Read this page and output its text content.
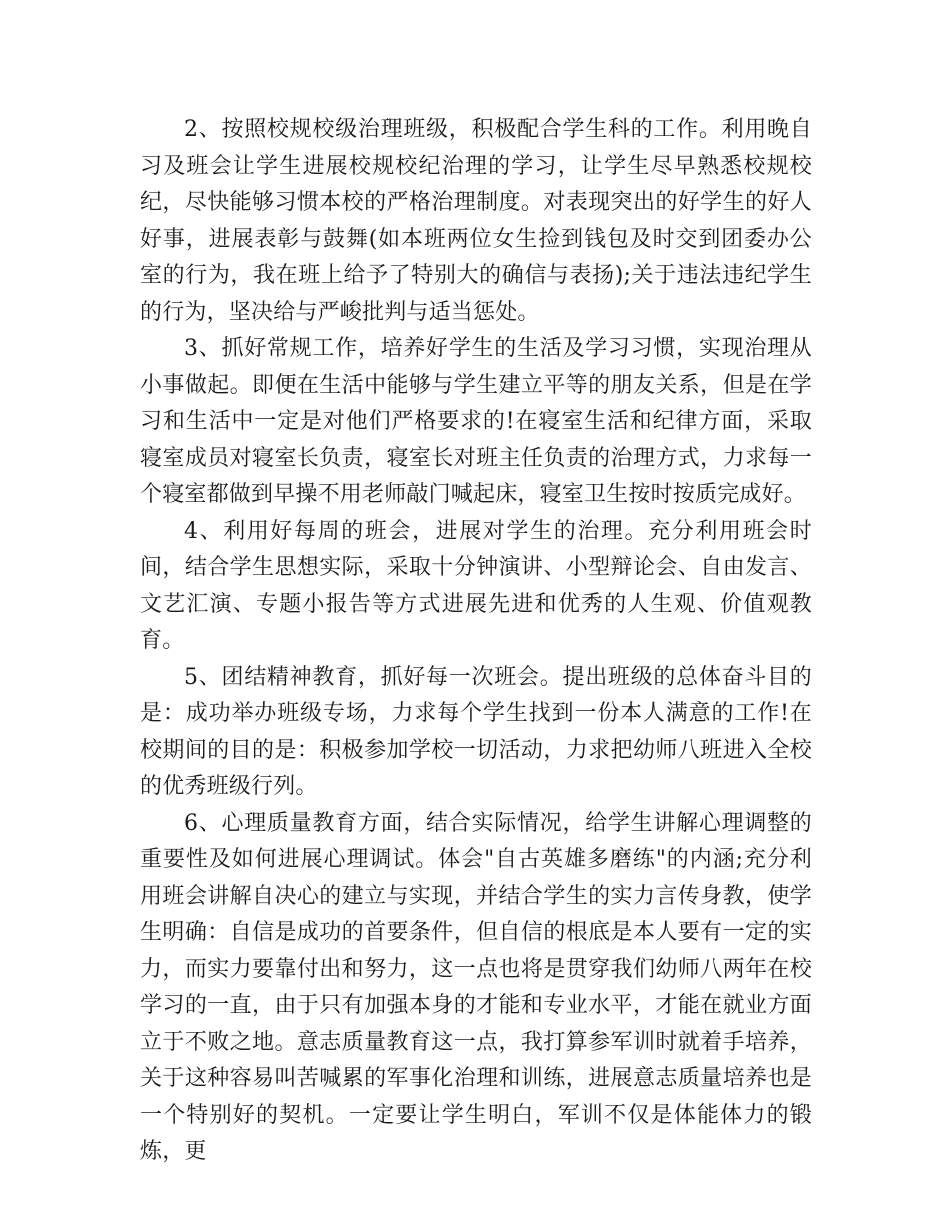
2、按照校规校级治理班级，积极配合学生科的工作。利用晚自习及班会让学生进展校规校纪治理的学习，让学生尽早熟悉校规校纪，尽快能够习惯本校的严格治理制度。对表现突出的好学生的好人好事，进展表彰与鼓舞(如本班两位女生捡到钱包及时交到团委办公室的行为，我在班上给予了特别大的确信与表扬);关于违法违纪学生的行为，坚决给与严峻批判与适当惩处。

3、抓好常规工作，培养好学生的生活及学习习惯，实现治理从小事做起。即便在生活中能够与学生建立平等的朋友关系，但是在学习和生活中一定是对他们严格要求的!在寝室生活和纪律方面，采取寝室成员对寝室长负责，寝室长对班主任负责的治理方式，力求每一个寝室都做到早操不用老师敲门喊起床，寝室卫生按时按质完成好。

4、利用好每周的班会，进展对学生的治理。充分利用班会时间，结合学生思想实际，采取十分钟演讲、小型辩论会、自由发言、文艺汇演、专题小报告等方式进展先进和优秀的人生观、价值观教育。

5、团结精神教育，抓好每一次班会。提出班级的总体奋斗目的是：成功举办班级专场，力求每个学生找到一份本人满意的工作!在校期间的目的是：积极参加学校一切活动，力求把幼师八班进入全校的优秀班级行列。

6、心理质量教育方面，结合实际情况，给学生讲解心理调整的重要性及如何进展心理调试。体会"自古英雄多磨练"的内涵;充分利用班会讲解自决心的建立与实现，并结合学生的实力言传身教，使学生明确：自信是成功的首要条件，但自信的根底是本人要有一定的实力，而实力要靠付出和努力，这一点也将是贯穿我们幼师八两年在校学习的一直，由于只有加强本身的才能和专业水平，才能在就业方面立于不败之地。意志质量教育这一点，我打算参军训时就着手培养，关于这种容易叫苦喊累的军事化治理和训练，进展意志质量培养也是一个特别好的契机。一定要让学生明白，军训不仅是体能体力的锻炼，更
